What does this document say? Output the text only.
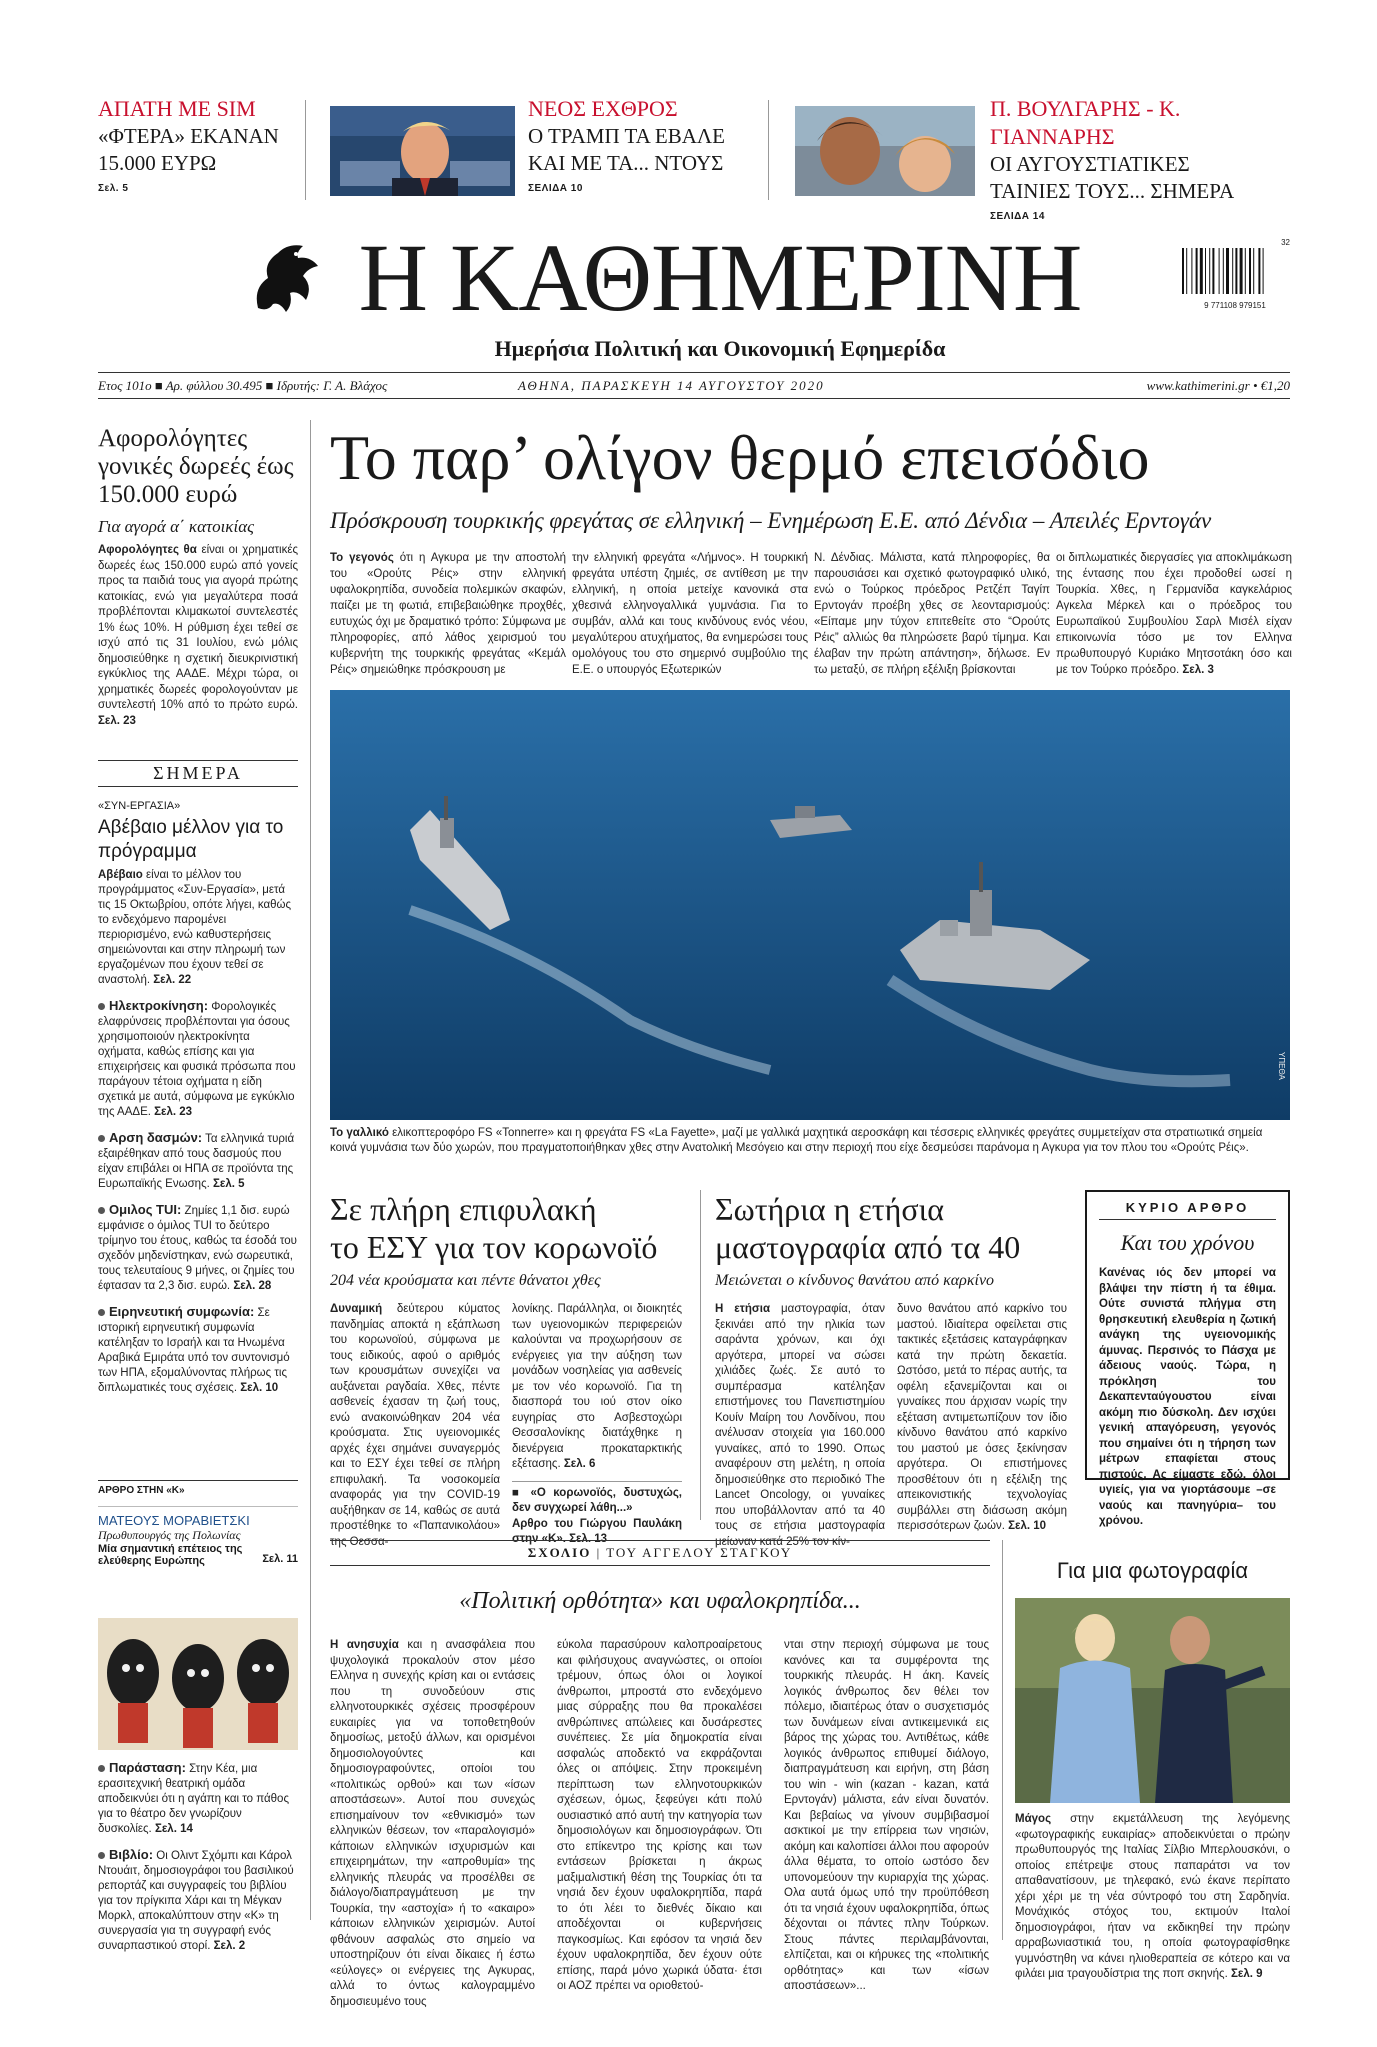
ΑΠΑΤΗ ΜΕ SIM
«ΦΤΕΡΑ» ΕΚΑΝΑΝ
15.000 ΕΥΡΩ
Σελ. 5
ΝΕΟΣ ΕΧΘΡΟΣ
Ο ΤΡΑΜΠ ΤΑ ΕΒΑΛΕ
ΚΑΙ ΜΕ ΤΑ... ΝΤΟΥΣ
ΣΕΛΙΔΑ 10
Π. ΒΟΥΛΓΑΡΗΣ - Κ. ΓΙΑΝΝΑΡΗΣ
ΟΙ ΑΥΓΟΥΣΤΙΑΤΙΚΕΣ
ΤΑΙΝΙΕΣ ΤΟΥΣ... ΣΗΜΕΡΑ
ΣΕΛΙΔΑ 14
Η ΚΑΘΗΜΕΡΙΝΗ
Ημερήσια Πολιτική και Οικονομική Εφημερίδα
9 771108 979151
32
Ετος 101ο ■ Αρ. φύλλου 30.495 ■ Ιδρυτής: Γ. Α. Βλάχος	ΑΘΗΝΑ, ΠΑΡΑΣΚΕΥΗ 14 ΑΥΓΟΥΣΤΟΥ 2020	www.kathimerini.gr • €1,20
Το παρ’ ολίγον θερμό επεισόδιο
Πρόσκρουση τουρκικής φρεγάτας σε ελληνική – Ενημέρωση Ε.Ε. από Δένδια – Απειλές Ερντογάν
Το γεγονός ότι η Αγκυρα με την αποστολή του «Ορούτς Ρέις» στην ελληνική υφαλοκρηπίδα, συνοδεία πολεμικών σκαφών, παίζει με τη φωτιά, επιβεβαιώθηκε προχθές, ευτυχώς όχι με δραματικό τρόπο: Σύμφωνα με πληροφορίες, από λάθος χειρισμού του κυβερνήτη της τουρκικής φρεγάτας «Κεμάλ Ρέις» σημειώθηκε πρόσκρουση με
την ελληνική φρεγάτα «Λήμνος». Η τουρκική φρεγάτα υπέστη ζημιές, σε αντίθεση με την ελληνική, η οποία μετείχε κανονικά στα χθεσινά ελληνογαλλικά γυμνάσια. Για το συμβάν, αλλά και τους κινδύνους ενός νέου, μεγαλύτερου ατυχήματος, θα ενημερώσει τους ομολόγους του στο σημερινό συμβούλιο της Ε.Ε. ο υπουργός Εξωτερικών
Ν. Δένδιας. Μάλιστα, κατά πληροφορίες, θα παρουσιάσει και σχετικό φωτογραφικό υλικό, ενώ ο Τούρκος πρόεδρος Ρετζέπ Ταγίπ Ερντογάν προέβη χθες σε λεονταρισμούς: «Είπαμε μην τύχον επιτεθείτε στο “Ορούτς Ρέις” αλλιώς θα πληρώσετε βαρύ τίμημα. Και έλαβαν την πρώτη απάντηση», δήλωσε. Εν τω μεταξύ, σε πλήρη εξέλιξη βρίσκονται
οι διπλωματικές διεργασίες για αποκλιμάκωση της έντασης που έχει προδοθεί ωσεί η Τουρκία. Χθες, η Γερμανίδα καγκελάριος Αγκελα Μέρκελ και ο πρόεδρος του Ευρωπαϊκού Συμβουλίου Σαρλ Μισέλ είχαν επικοινωνία τόσο με τον Ελληνα πρωθυπουργό Κυριάκο Μητσοτάκη όσο και με τον Τούρκο πρόεδρο. Σελ. 3
ΥΠΕΘΑ
Το γαλλικό ελικοπτεροφόρο FS «Tonnerre» και η φρεγάτα FS «La Fayette», μαζί με γαλλικά μαχητικά αεροσκάφη και τέσσερις ελληνικές φρεγάτες συμμετείχαν στα στρατιωτικά σημεία κοινά γυμνάσια των δύο χωρών, που πραγματοποιήθηκαν χθες στην Ανατολική Μεσόγειο και στην περιοχή που είχε δεσμεύσει παράνομα η Αγκυρα για τον πλου του «Ορούτς Ρέις».
Αφορολόγητες γονικές δωρεές έως 150.000 ευρώ
Για αγορά α΄ κατοικίας
Αφορολόγητες θα είναι οι χρηματικές δωρεές έως 150.000 ευρώ από γονείς προς τα παιδιά τους για αγορά πρώτης κατοικίας, ενώ για μεγαλύτερα ποσά προβλέπονται κλιμακωτοί συντελεστές 1% έως 10%. Η ρύθμιση έχει τεθεί σε ισχύ από τις 31 Ιουλίου, ενώ μόλις δημοσιεύθηκε η σχετική διευκρινιστική εγκύκλιος της ΑΑΔΕ. Μέχρι τώρα, οι χρηματικές δωρεές φορολογούνταν με συντελεστή 10% από το πρώτο ευρώ. Σελ. 23
ΣΗΜΕΡΑ
«ΣΥΝ-ΕΡΓΑΣΙΑ»
Αβέβαιο μέλλον για το πρόγραμμα
Αβέβαιο είναι το μέλλον του προγράμματος «Συν-Εργασία», μετά τις 15 Οκτωβρίου, οπότε λήγει, καθώς το ενδεχόμενο παρομένει περιορισμένο, ενώ καθυστερήσεις σημειώνονται και στην πληρωμή των εργαζομένων που έχουν τεθεί σε αναστολή. Σελ. 22
Ηλεκτροκίνηση: Φορολογικές ελαφρύνσεις προβλέπονται για όσους χρησιμοποιούν ηλεκτροκίνητα οχήματα, καθώς επίσης και για επιχειρήσεις και φυσικά πρόσωπα που παράγουν τέτοια οχήματα η είδη σχετικά με αυτά, σύμφωνα με εγκύκλιο της ΑΑΔΕ. Σελ. 23
Αρση δασμών: Τα ελληνικά τυριά εξαιρέθηκαν από τους δασμούς που είχαν επιβάλει οι ΗΠΑ σε προϊόντα της Ευρωπαϊκής Ενωσης. Σελ. 5
Ομιλος TUI: Ζημίες 1,1 δισ. ευρώ εμφάνισε ο όμιλος TUI το δεύτερο τρίμηνο του έτους, καθώς τα έσοδά του σχεδόν μηδενίστηκαν, ενώ σωρευτικά, τους τελευταίους 9 μήνες, οι ζημίες του έφτασαν τα 2,3 δισ. ευρώ. Σελ. 28
Ειρηνευτική συμφωνία: Σε ιστορική ειρηνευτική συμφωνία κατέληξαν το Ισραήλ και τα Ηνωμένα Αραβικά Εμιράτα υπό τον συντονισμό των ΗΠΑ, εξομαλύνοντας πλήρως τις διπλωματικές τους σχέσεις. Σελ. 10
ΑΡΘΡΟ ΣΤΗΝ «Κ»
ΜΑΤΕΟΥΣ ΜΟΡΑΒΙΕΤΣΚΙ
Πρωθυπουργός της Πολωνίας
Μία σημαντική επέτειος της ελεύθερης Ευρώπης	Σελ. 11
Παράσταση: Στην Κέα, μια ερασιτεχνική θεατρική ομάδα αποδεικνύει ότι η αγάπη και το πάθος για το θέατρο δεν γνωρίζουν δυσκολίες. Σελ. 14
Βιβλίο: Οι Ολιντ Σχόμπι και Κάρολ Ντουάιτ, δημοσιογράφοι του βασιλικού ρεπορτάζ και συγγραφείς του βιβλίου για τον πρίγκιπα Χάρι και τη Μέγκαν Μορκλ, αποκαλύπτουν στην «Κ» τη συνεργασία για τη συγγραφή ενός συναρπαστικού στορί. Σελ. 2
Σε πλήρη επιφυλακή
το ΕΣΥ για τον κορωνοϊό
204 νέα κρούσματα και πέντε θάνατοι χθες
Δυναμική δεύτερου κύματος πανδημίας αποκτά η εξάπλωση του κορωνοϊού, σύμφωνα με τους ειδικούς, αφού ο αριθμός των κρουσμάτων συνεχίζει να αυξάνεται ραγδαία. Χθες, πέντε ασθενείς έχασαν τη ζωή τους, ενώ ανακοινώθηκαν 204 νέα κρούσματα. Στις υγειονομικές αρχές έχει σημάνει συναγερμός και το ΕΣΥ έχει τεθεί σε πλήρη επιφυλακή. Τα νοσοκομεία αναφοράς για την COVID-19 αυξήθηκαν σε 14, καθώς σε αυτά προστέθηκε το «Παπανικολάου» της Θεσσα-
λονίκης. Παράλληλα, οι διοικητές των υγειονομικών περιφερειών καλούνται να προχωρήσουν σε ενέργειες για την αύξηση των μονάδων νοσηλείας για ασθενείς με τον νέο κορωνοϊό. Για τη διασπορά του ιού στον οίκο ευγηρίας στο Ασβεστοχώρι Θεσσαλονίκης διατάχθηκε η διενέργεια προκαταρκτικής εξέτασης. Σελ. 6
■ «Ο κορωνοϊός, δυστυχώς, δεν συγχωρεί λάθη...»
Αρθρο του Γιώργου Παυλάκη στην «Κ». Σελ. 13
Σωτήρια η ετήσια
μαστογραφία από τα 40
Μειώνεται ο κίνδυνος θανάτου από καρκίνο
Η ετήσια μαστογραφία, όταν ξεκινάει από την ηλικία των σαράντα χρόνων, και όχι αργότερα, μπορεί να σώσει χιλιάδες ζωές. Σε αυτό το συμπέρασμα κατέληξαν επιστήμονες του Πανεπιστημίου Κουίν Μαίρη του Λονδίνου, που ανέλυσαν στοιχεία για 160.000 γυναίκες, από το 1990. Οπως αναφέρουν στη μελέτη, η οποία δημοσιεύθηκε στο περιοδικό The Lancet Oncology, οι γυναίκες που υποβάλλονταν από τα 40 τους σε ετήσια μαστογραφία μείωναν κατά 25% τον κίν-
δυνο θανάτου από καρκίνο του μαστού. Ιδιαίτερα οφείλεται στις τακτικές εξετάσεις καταγράφηκαν κατά την πρώτη δεκαετία. Ωστόσο, μετά το πέρας αυτής, τα οφέλη εξανεμίζονται και οι γυναίκες που άρχισαν νωρίς την εξέταση αντιμετωπίζουν τον ίδιο κίνδυνο θανάτου από καρκίνο του μαστού με όσες ξεκίνησαν αργότερα. Οι επιστήμονες προσθέτουν ότι η εξέλιξη της απεικονιστικής τεχνολογίας συμβάλλει στη διάσωση ακόμη περισσότερων ζωών. Σελ. 10
ΚΥΡΙΟ ΑΡΘΡΟ
Και του χρόνου
Κανένας ιός δεν μπορεί να βλάψει την πίστη ή τα έθιμα. Ούτε συνιστά πλήγμα στη θρησκευτική ελευθερία η ζωτική ανάγκη της υγειονομικής άμυνας. Περσινός το Πάσχα με άδειους ναούς. Τώρα, η πρόκληση του Δεκαπενταύγουστου είναι ακόμη πιο δύσκολη. Δεν ισχύει γενική απαγόρευση, γεγονός που σημαίνει ότι η τήρηση των μέτρων επαφίεται στους πιστούς. Ας είμαστε εδώ, όλοι υγιείς, για να γιορτάσουμε –σε ναούς και πανηγύρια– του χρόνου.
ΣΧΟΛΙΟ | ΤΟΥ ΑΓΓΕΛΟΥ ΣΤΑΓΚΟΥ
«Πολιτική ορθότητα» και υφαλοκρηπίδα...
Η ανησυχία και η ανασφάλεια που ψυχολογικά προκαλούν στον μέσο Ελληνα η συνεχής κρίση και οι εντάσεις που τη συνοδεύουν στις ελληνοτουρκικές σχέσεις προσφέρουν ευκαιρίες για να τοποθετηθούν δημοσίως, μετοξύ άλλων, και ορισμένοι δημοσιολογούντες και δημοσιογραφούντες, οποίοι του «πολιτικώς ορθού» και των «ίσων αποστάσεων». Αυτοί που συνεχώς επισημαίνουν τον «εθνικισμό» των ελληνικών θέσεων, τον «παραλογισμό» κάποιων ελληνικών ισχυρισμών και επιχειρημάτων, την «απροθυμία» της ελληνικής πλευράς να προσέλθει σε διάλογο/διαπραγμάτευση με την Τουρκία, την «αστοχία» ή το «ακαιρο» κάποιων ελληνικών χειρισμών. Αυτοί φθάνουν ασφαλώς στο σημείο να υποστηρίζουν ότι είναι δίκαιες ή έστω «εύλογες» οι ενέργειες της Αγκυρας, αλλά το όντως καλογραμμένο δημοσιευμένο τους
εύκολα παρασύρουν καλοπροαίρετους και φιλήσυχους αναγνώστες, οι οποίοι τρέμουν, όπως όλοι οι λογικοί άνθρωποι, μπροστά στο ενδεχόμενο μιας σύρραξης που θα προκαλέσει ανθρώπινες απώλειες και δυσάρεστες συνέπειες. Σε μία δημοκρατία είναι ασφαλώς αποδεκτό να εκφράζονται όλες οι απόψεις. Στην προκειμένη περίπτωση των ελληνοτουρκικών σχέσεων, όμως, ξεφεύγει κάτι πολύ ουσιαστικό από αυτή την κατηγορία των δημοσιολόγων και δημοσιογράφων. Ότι στο επίκεντρο της κρίσης και των εντάσεων βρίσκεται η άκρως μαξιμαλιστική θέση της Τουρκίας ότι τα νησιά δεν έχουν υφαλοκρηπίδα, παρά το ότι λέει το διεθνές δίκαιο και αποδέχονται οι κυβερνήσεις παγκοσμίως. Και εφόσον τα νησιά δεν έχουν υφαλοκρηπίδα, δεν έχουν ούτε επίσης, παρά μόνο χωρικά ύδατα· έτσι οι ΑΟΖ πρέπει να οριοθετού-
νται στην περιοχή σύμφωνα με τους κανόνες και τα συμφέροντα της τουρκικής πλευράς. Η άκη. Κανείς λογικός άνθρωπος δεν θέλει τον πόλεμο, ιδιαιτέρως όταν ο συσχετισμός των δυνάμεων είναι αντικειμενικά εις βάρος της χώρας του. Αντιθέτως, κάθε λογικός άνθρωπος επιθυμεί διάλογο, διαπραγμάτευση και ειρήνη, στη βάση του win - win (καzan - kazan, κατά Ερντογάν) μάλιστα, εάν είναι δυνατόν. Και βεβαίως να γίνουν συμβιβασμοί ασκτικοί με την επίρρεια των νησιών, ακόμη και καλοπίσει άλλοι που αφορούν άλλα θέματα, το οποίο ωστόσο δεν υπονομεύουν την κυριαρχία της χώρας. Ολα αυτά όμως υπό την προϋπόθεση ότι τα νησιά έχουν υφαλοκρηπίδα, όπως δέχονται οι πάντες πλην Τούρκων. Στους πάντες περιλαμβάνονται, ελπίζεται, και οι κήρυκες της «πολιτικής ορθότητας» και των «ίσων αποστάσεων»...
Για μια φωτογραφία
Μάγος στην εκμετάλλευση της λεγόμενης «φωτογραφικής ευκαιρίας» αποδεικνύεται ο πρώην πρωθυπουργός της Ιταλίας Σίλβιο Μπερλουσκόνι, ο οποίος επέτρεψε στους παπαράτσι να τον απαθανατίσουν, με τηλεφακό, ενώ έκανε περίπατο χέρι χέρι με τη νέα σύντροφό του στη Σαρδηνία. Μονάχικός στόχος του, εκτιμούν Ιταλοί δημοσιογράφοι, ήταν να εκδικηθεί την πρώην αρραβωνιαστικιά του, η οποία φωτογραφίσθηκε γυμνόστηθη να κάνει ηλιοθεραπεία σε κότερο και να φιλάει μια τραγουδίστρια της ποπ σκηνής. Σελ. 9
